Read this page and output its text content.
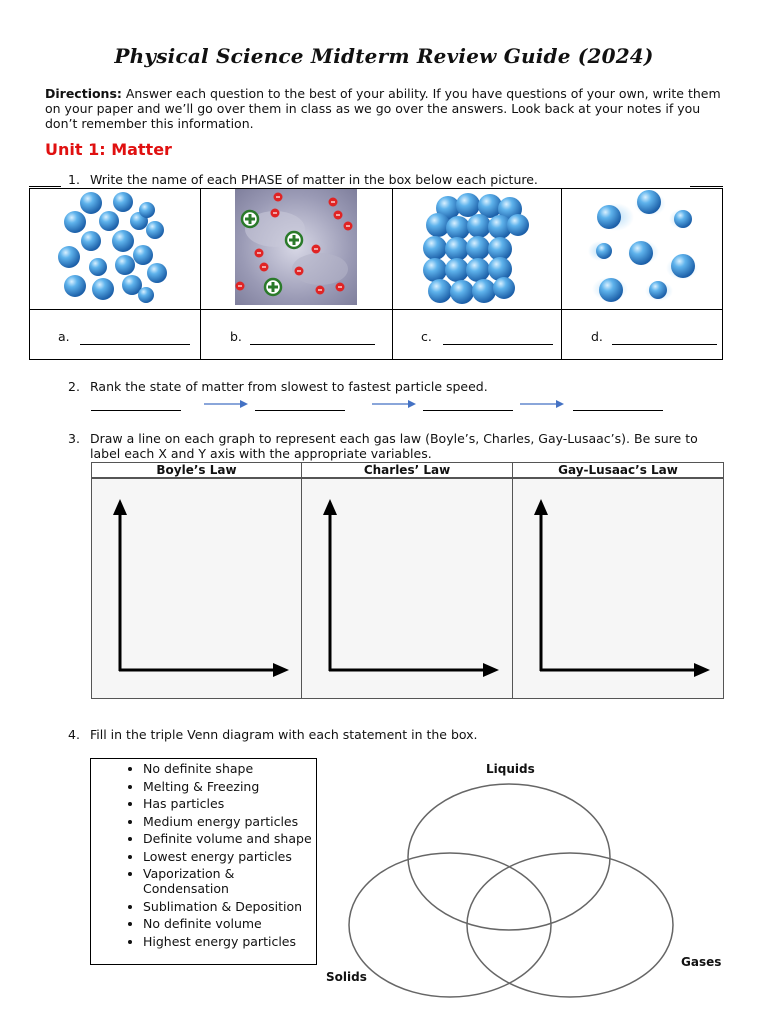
Physical Science Midterm Review Guide (2024)
Directions: Answer each question to the best of your ability. If you have questions of your own, write them
on your paper and we’ll go over them in class as we go over the answers. Look back at your notes if you
don’t remember this information.
Unit 1: Matter
1. Write the name of each PHASE of matter in the box below each picture.
a.	b.	c.	d.
2. Rank the state of matter from slowest to fastest particle speed.
3. Draw a line on each graph to represent each gas law (Boyle’s, Charles, Gay-Lusaac’s). Be sure to
label each X and Y axis with the appropriate variables.
Boyle’s Law	Charles’ Law	Gay-Lusaac’s Law
4. Fill in the triple Venn diagram with each statement in the box.
• No definite shape
• Melting & Freezing
• Has particles
• Medium energy particles
• Definite volume and shape
• Lowest energy particles
• Vaporization & Condensation
• Sublimation & Deposition
• No definite volume
• Highest energy particles
Liquids
Solids
Gases
